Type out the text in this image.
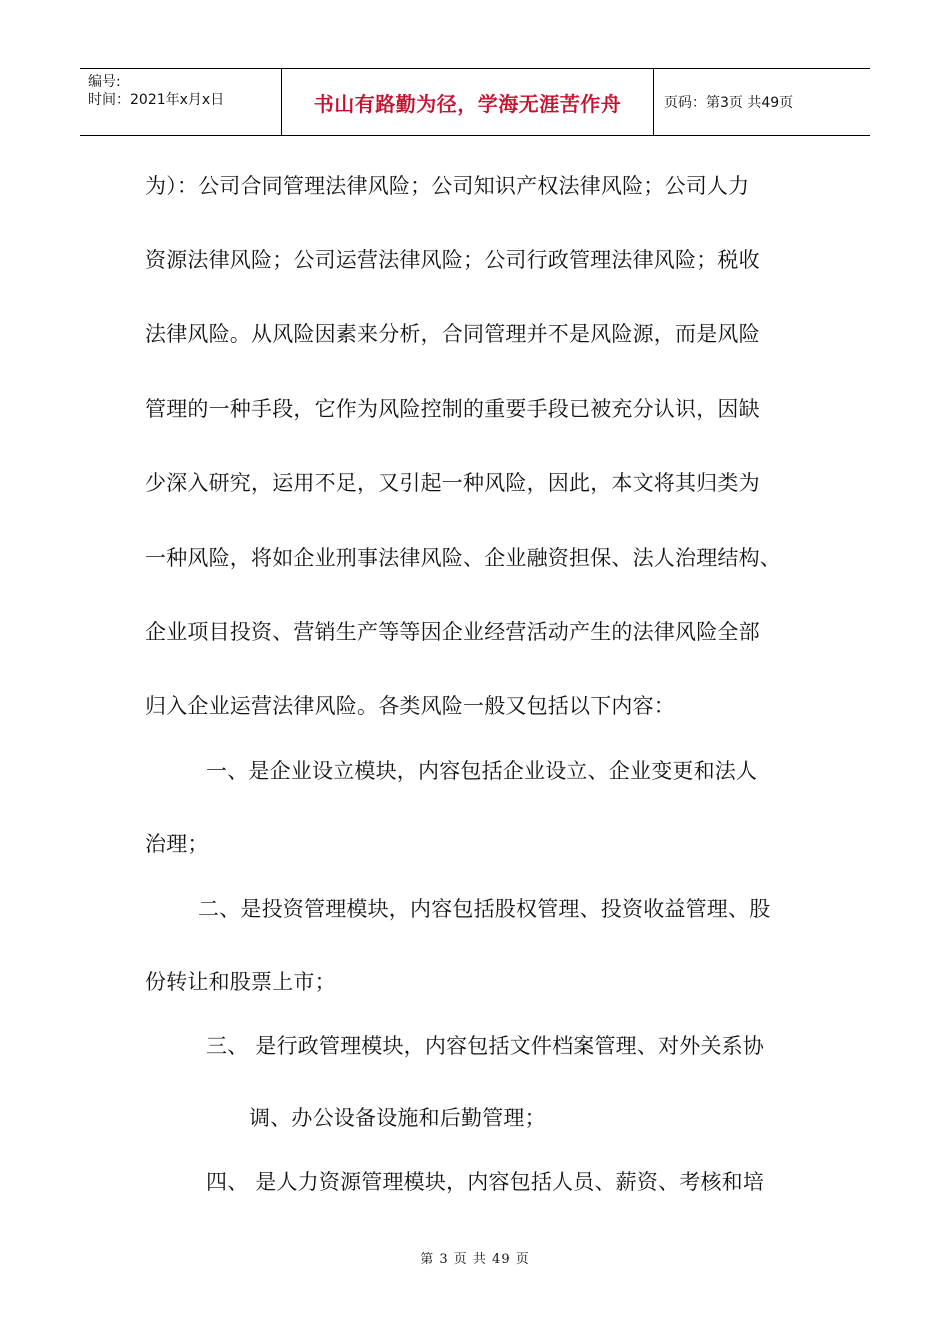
编号:
时间：2021年x月x日	书山有路勤为径，学海无涯苦作舟	页码：第3页 共49页
为）：公司合同管理法律风险；公司知识产权法律风险；公司人力
资源法律风险；公司运营法律风险；公司行政管理法律风险；税收
法律风险。从风险因素来分析，合同管理并不是风险源，而是风险
管理的一种手段，它作为风险控制的重要手段已被充分认识，因缺
少深入研究，运用不足，又引起一种风险，因此，本文将其归类为
一种风险，将如企业刑事法律风险、企业融资担保、法人治理结构、
企业项目投资、营销生产等等因企业经营活动产生的法律风险全部
归入企业运营法律风险。各类风险一般又包括以下内容：
一、是企业设立模块，内容包括企业设立、企业变更和法人
治理；
二、是投资管理模块，内容包括股权管理、投资收益管理、股
份转让和股票上市；
三、 是行政管理模块，内容包括文件档案管理、对外关系协
调、办公设备设施和后勤管理；
四、 是人力资源管理模块，内容包括人员、薪资、考核和培
第 3 页 共 49 页
